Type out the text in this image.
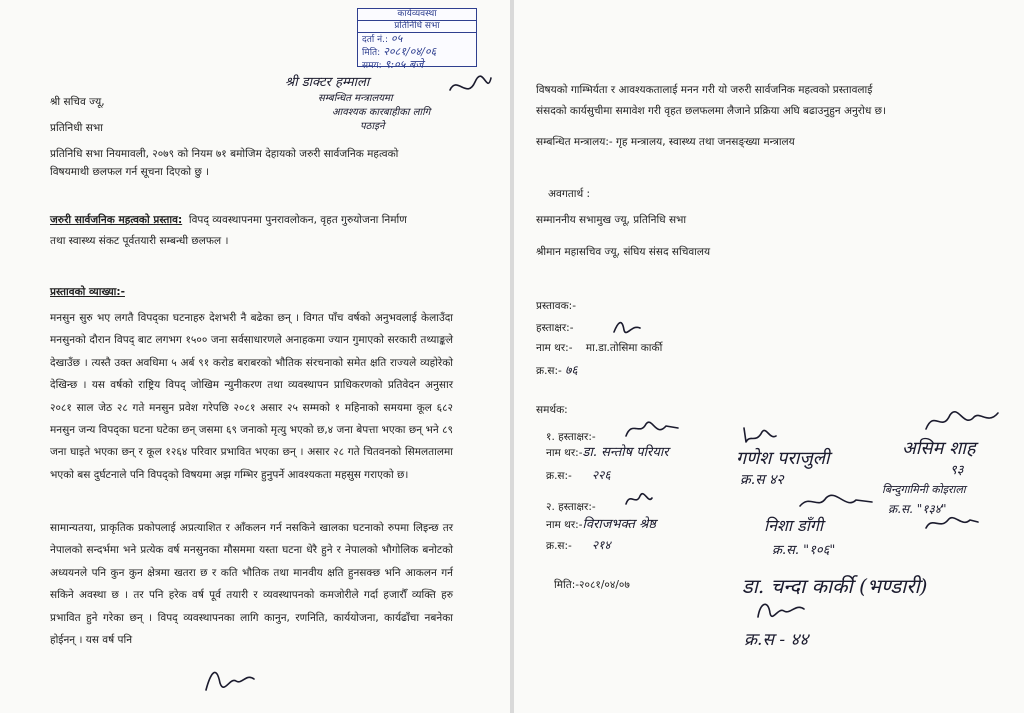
कार्यव्यवस्था
प्रतिनिधि सभा
दर्ता नं.: ०५
मिति: २०८१/०४/०६
समय: ९:०५ बजे
श्री डाक्टर हम्माला
सम्बन्धित मन्त्रालयमा
आवश्यक कारबाहीका लागि
पठाइने
श्री सचिव ज्यू,
प्रतिनिधी सभा
प्रतिनिधि सभा नियमावली, २०७९ को नियम ७१ बमोजिम देहायको जरुरी सार्वजनिक महत्वको
विषयमाथी छलफल गर्न सूचना दिएको छु ।
जरुरी सार्वजनिक महत्वको प्रस्ताव: विपद् व्यवस्थापनमा पुनरावलोकन, वृहत गुरुयोजना निर्माण
तथा स्वास्थ्य संकट पूर्वतयारी सम्बन्धी छलफल ।
प्रस्तावको व्याख्या:-
मनसुन सुरु भए लगतै विपद्का घटनाहरु देशभरी नै बढेका छन् । विगत पाँच वर्षको अनुभवलाई केलाउँदा मनसुनको दौरान विपद् बाट लगभग १५०० जना सर्वसाधारणले अनाहकमा ज्यान गुमाएको सरकारी तथ्याङ्कले देखाउँछ । त्यस्तै उक्त अवधिमा ५ अर्ब ९१ करोड बराबरको भौतिक संरचनाको समेत क्षति राज्यले व्यहोरेको देखिन्छ । यस वर्षको राष्ट्रिय विपद् जोखिम न्युनीकरण तथा व्यवस्थापन प्राधिकरणको प्रतिवेदन अनुसार २०८१ साल जेठ २८ गते मनसुन प्रवेश गरेपछि २०८१ असार २५ सम्मको १ महिनाको समयमा कूल ६८२ मनसुन जन्य विपद्का घटना घटेका छन् जसमा ६९ जनाको मृत्यु भएको छ,४ जना बेपत्ता भएका छन् भने ८९ जना घाइते भएका छन् र कूल १२६४ परिवार प्रभावित भएका छन् । असार २८ गते चितवनको सिमलतालमा भएको बस दुर्घटनाले पनि विपद्को विषयमा अझ गम्भिर हुनुपर्ने आवश्यकता महसुस गराएको छ।
सामान्यतया, प्राकृतिक प्रकोपलाई अप्रत्याशित र आँकलन गर्न नसकिने खालका घटनाको रुपमा लिइन्छ तर नेपालको सन्दर्भमा भने प्रत्येक वर्ष मनसुनका मौसममा यस्ता घटना धेरै हुने र नेपालको भौगोलिक बनोटको अध्ययनले पनि कुन कुन क्षेत्रमा खतरा छ र कति भौतिक तथा मानवीय क्षति हुनसक्छ भनि आकलन गर्न सकिने अवस्था छ । तर पनि हरेक वर्ष पूर्व तयारी र व्यवस्थापनको कमजोरीले गर्दा हजारौँ व्यक्ति हरु प्रभावित हुने गरेका छन् । विपद् व्यवस्थापनका लागि कानुन, रणनिति, कार्ययोजना, कार्यढाँचा नबनेका होईनन् । यस वर्ष पनि
विषयको गाम्भिर्यता र आवश्यकतालाई मनन गरी यो जरुरी सार्वजनिक महत्वको प्रस्तावलाई
संसदको कार्यसुचीमा समावेश गरी वृहत छलफलमा लैजाने प्रक्रिया अघि बढाउनुहुन अनुरोध छ।
सम्बन्धित मन्त्रालय:- गृह मन्त्रालय, स्वास्थ्य तथा जनसङ्ख्या मन्त्रालय
अवगतार्थ :
सम्माननीय सभामुख ज्यू, प्रतिनिधि सभा
श्रीमान महासचिव ज्यू, संघिय संसद सचिवालय
प्रस्तावक:-
हस्ताक्षर:-
नाम थर:- मा.डा.तोसिमा कार्की
क्र.स:- ७६
समर्थक:
१. हस्ताक्षर:-
नाम थर:-डा. सन्तोष परियार
क्र.स:- २२६
२. हस्ताक्षर:-
नाम थर:-विराजभक्त श्रेष्ठ
क्र.स:- २१४
मिति:-२०८१/०४/०७
गणेश पराजुली
क्र.स ४२
असिम शाह
९३
बिन्दुगामिनी कोइराला
क्र.स. "१३४"
निशा डाँगी
क्र.स. "१०६"
डा. चन्दा कार्की (भण्डारी)
क्र.स - ४४
